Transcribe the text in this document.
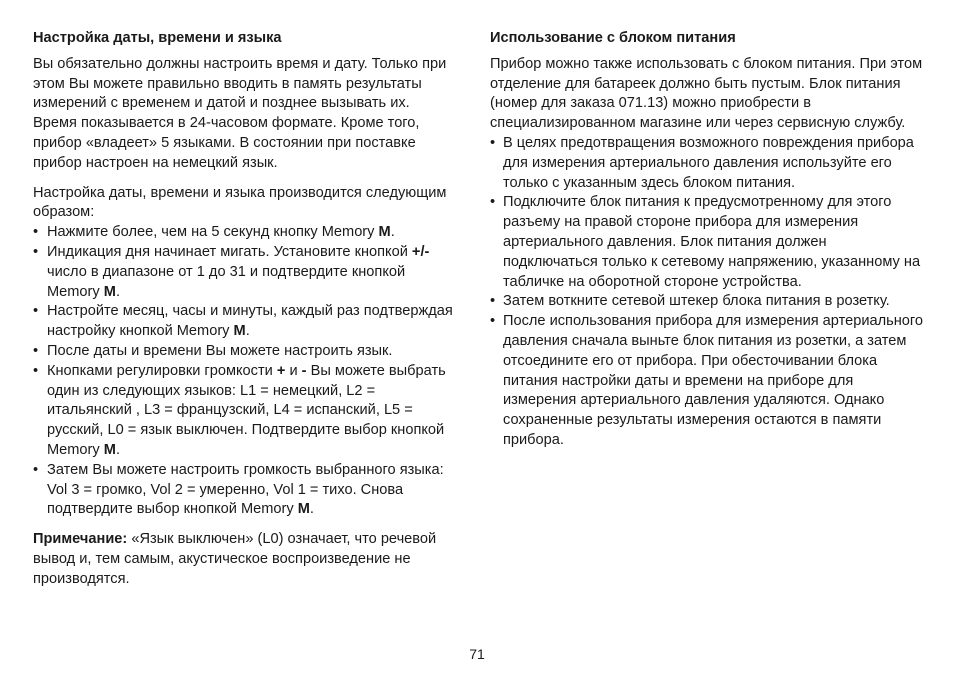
Настройка даты, времени и языка

Вы обязательно должны настроить время и дату. Только при этом Вы можете правильно вводить в память результаты измерений с временем и датой и позднее вызывать их.

Время показывается в 24-часовом формате. Кроме того, прибор «владеет» 5 языками. В состоянии при поставке прибор настроен на немецкий язык.

Настройка даты, времени и языка производится следующим образом:

• Нажмите более, чем на 5 секунд кнопку Memory M.
• Индикация дня начинает мигать. Установите кнопкой +/- число в диапазоне от 1 до 31 и подтвердите кнопкой Memory M.
• Настройте месяц, часы и минуты, каждый раз подтверждая настройку кнопкой Memory M.
• После даты и времени Вы можете настроить язык.
• Кнопками регулировки громкости + и - Вы можете выбрать один из следующих языков: L1 = немецкий, L2 = итальянский , L3 = французский, L4 = испанский, L5 = русский, L0 = язык выключен. Подтвердите выбор кнопкой Memory M.
• Затем Вы можете настроить громкость выбранного языка:
Vol 3 = громко, Vol 2 = умеренно, Vol 1 = тихо. Снова подтвердите выбор кнопкой Memory M.

Примечание: «Язык выключен» (L0) означает, что речевой вывод и, тем самым, акустическое воспроизведение не производятся.

Использование с блоком питания

Прибор можно также использовать с блоком питания. При этом отделение для батареек должно быть пустым. Блок питания (номер для заказа 071.13) можно приобрести в специализированном магазине или через сервисную службу.

• В целях предотвращения возможного повреждения прибора для измерения артериального давления используйте его только с указанным здесь блоком питания.
• Подключите блок питания к предусмотренному для этого разъему на правой стороне прибора для измерения артериального давления. Блок питания должен подключаться только к сетевому напряжению, указанному на табличке на оборотной стороне устройства.
• Затем воткните сетевой штекер блока питания в розетку.
• После использования прибора для измерения артериального давления сначала выньте блок питания из розетки, а затем отсоедините его от прибора. При обесточивании блока питания настройки даты и времени на приборе для измерения артериального давления удаляются. Однако сохраненные результаты измерения остаются в памяти прибора.
71
